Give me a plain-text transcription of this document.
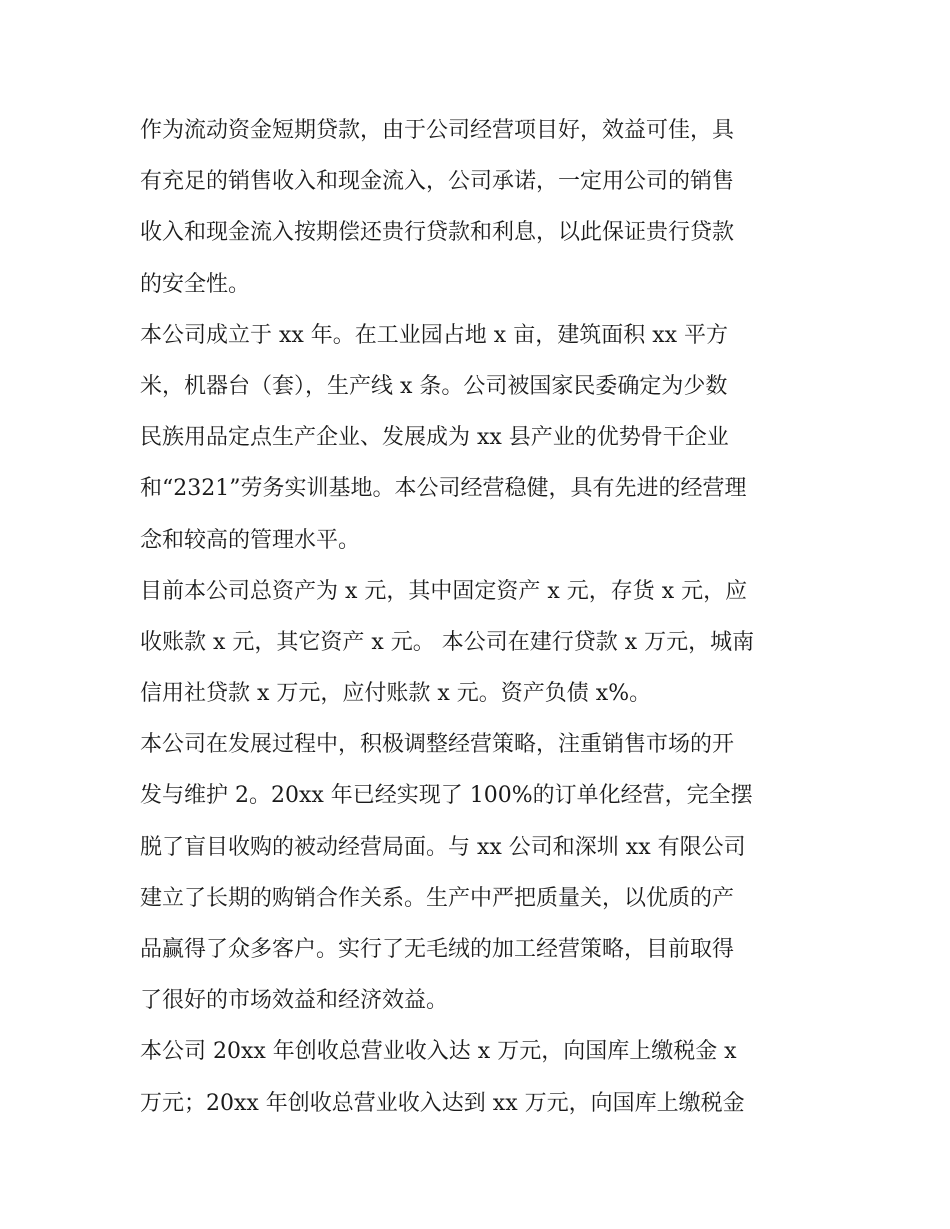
作为流动资金短期贷款，由于公司经营项目好，效益可佳，具
有充足的销售收入和现金流入，公司承诺，一定用公司的销售
收入和现金流入按期偿还贵行贷款和利息，以此保证贵行贷款
的安全性。
本公司成立于 xx 年。在工业园占地 x 亩，建筑面积 xx 平方
米，机器台（套），生产线 x 条。公司被国家民委确定为少数
民族用品定点生产企业、发展成为 xx 县产业的优势骨干企业
和“2321”劳务实训基地。本公司经营稳健，具有先进的经营理
念和较高的管理水平。
目前本公司总资产为 x 元，其中固定资产 x 元，存货 x 元，应
收账款 x 元，其它资产 x 元。 本公司在建行贷款 x 万元，城南
信用社贷款 x 万元，应付账款 x 元。资产负债 x%。
本公司在发展过程中，积极调整经营策略，注重销售市场的开
发与维护 2。20xx 年已经实现了 100%的订单化经营，完全摆
脱了盲目收购的被动经营局面。与 xx 公司和深圳 xx 有限公司
建立了长期的购销合作关系。生产中严把质量关，以优质的产
品赢得了众多客户。实行了无毛绒的加工经营策略，目前取得
了很好的市场效益和经济效益。
本公司 20xx 年创收总营业收入达 x 万元，向国库上缴税金 x
万元；20xx 年创收总营业收入达到 xx 万元，向国库上缴税金
